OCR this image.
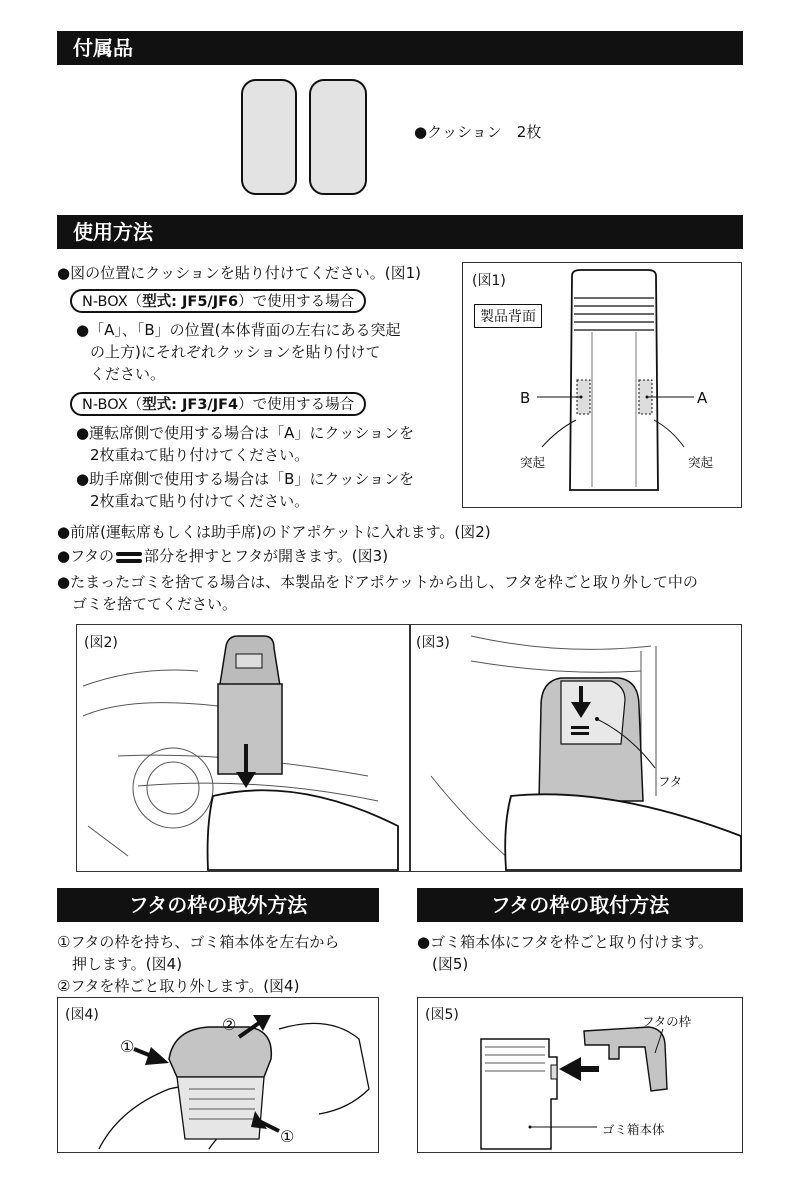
付属品
●クッション　2枚
使用方法
●図の位置にクッションを貼り付けてください。(図1)
N-BOX（型式: JF5/JF6）で使用する場合
●「A」、「B」の位置(本体背面の左右にある突起
の上方)にそれぞれクッションを貼り付けて
ください。
N-BOX（型式: JF3/JF4）で使用する場合
●運転席側で使用する場合は「A」にクッションを
2枚重ねて貼り付けてください。
●助手席側で使用する場合は「B」にクッションを
2枚重ねて貼り付けてください。
(図1)
製品背面
B	A
突起	突起
●前席(運転席もしくは助手席)のドアポケットに入れます。(図2)
●フタの 部分を押すとフタが開きます。(図3)
●たまったゴミを捨てる場合は、本製品をドアポケットから出し、フタを枠ごと取り外して中の
ゴミを捨ててください。
(図2)	(図3)
フタ
フタの枠の取外方法	フタの枠の取付方法
①フタの枠を持ち、ゴミ箱本体を左右から
　押します。(図4)
②フタを枠ごと取り外します。(図4)
●ゴミ箱本体にフタを枠ごと取り付けます。
　(図5)
(図4)
①
②
①
(図5)	フタの枠
ゴミ箱本体
